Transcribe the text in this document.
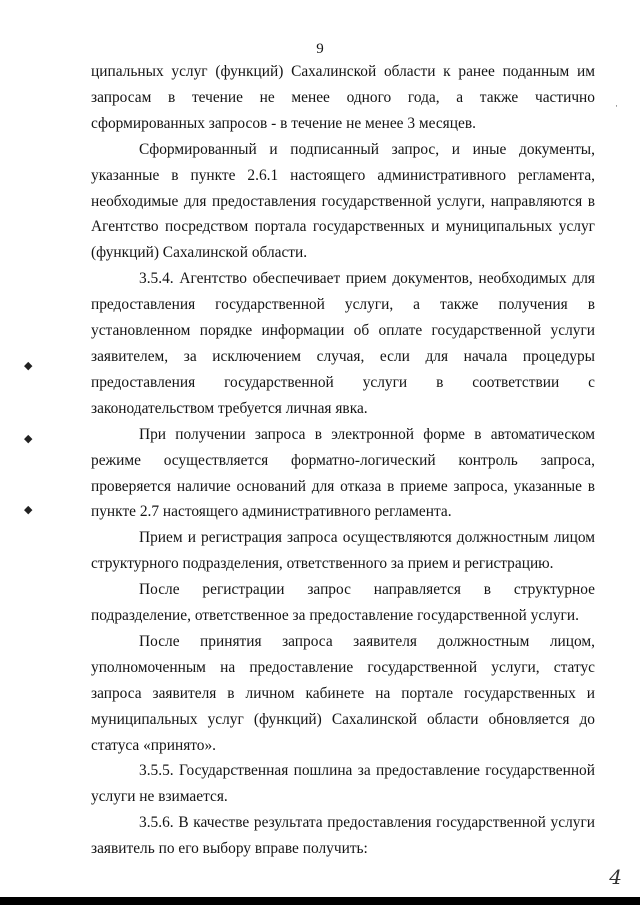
9

ципальных услуг (функций) Сахалинской области к ранее поданным им запросам в течение не менее одного года, а также частично сформированных запросов - в течение не менее 3 месяцев.

Сформированный и подписанный запрос, и иные документы, указанные в пункте 2.6.1 настоящего административного регламента, необходимые для предоставления государственной услуги, направляются в Агентство посредством портала государственных и муниципальных услуг (функций) Сахалинской области.

3.5.4. Агентство обеспечивает прием документов, необходимых для предоставления государственной услуги, а также получения в установленном порядке информации об оплате государственной услуги заявителем, за исключением случая, если для начала процедуры предоставления государственной услуги в соответствии с законодательством требуется личная явка.

При получении запроса в электронной форме в автоматическом режиме осуществляется форматно-логический контроль запроса, проверяется наличие оснований для отказа в приеме запроса, указанные в пункте 2.7 настоящего административного регламента.

Прием и регистрация запроса осуществляются должностным лицом структурного подразделения, ответственного за прием и регистрацию.

После регистрации запрос направляется в структурное подразделение, ответственное за предоставление государственной услуги.

После принятия запроса заявителя должностным лицом, уполномоченным на предоставление государственной услуги, статус запроса заявителя в личном кабинете на портале государственных и муниципальных услуг (функций) Сахалинской области обновляется до статуса «принято».

3.5.5. Государственная пошлина за предоставление государственной услуги не взимается.

3.5.6. В качестве результата предоставления государственной услуги заявитель по его выбору вправе получить:

◆
◆
◆
·
4
